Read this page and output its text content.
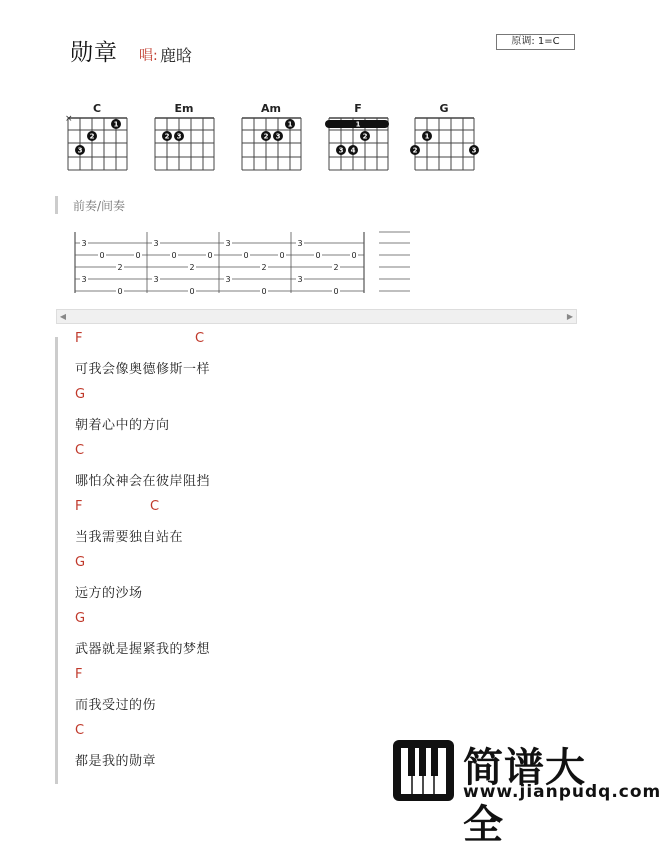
勋章 唱: 鹿晗
原调: 1=C
C
×
1
2
3
Em
2 3
Am
1
2 3
F
1
2
3 4
G
1
2	3
前奏/间奏
3	3	3	3
0	0	0	0	0	0	0	0
2	2	2	2
3	3	3	3
0	0	0	0
◀	▶
F	C
可我会像奥德修斯一样
G
朝着心中的方向
C
哪怕众神会在彼岸阻挡
F	C
当我需要独自站在
G
远方的沙场
G
武器就是握紧我的梦想
F
而我受过的伤
C
都是我的勋章	简谱大全
www.jianpudq.com
